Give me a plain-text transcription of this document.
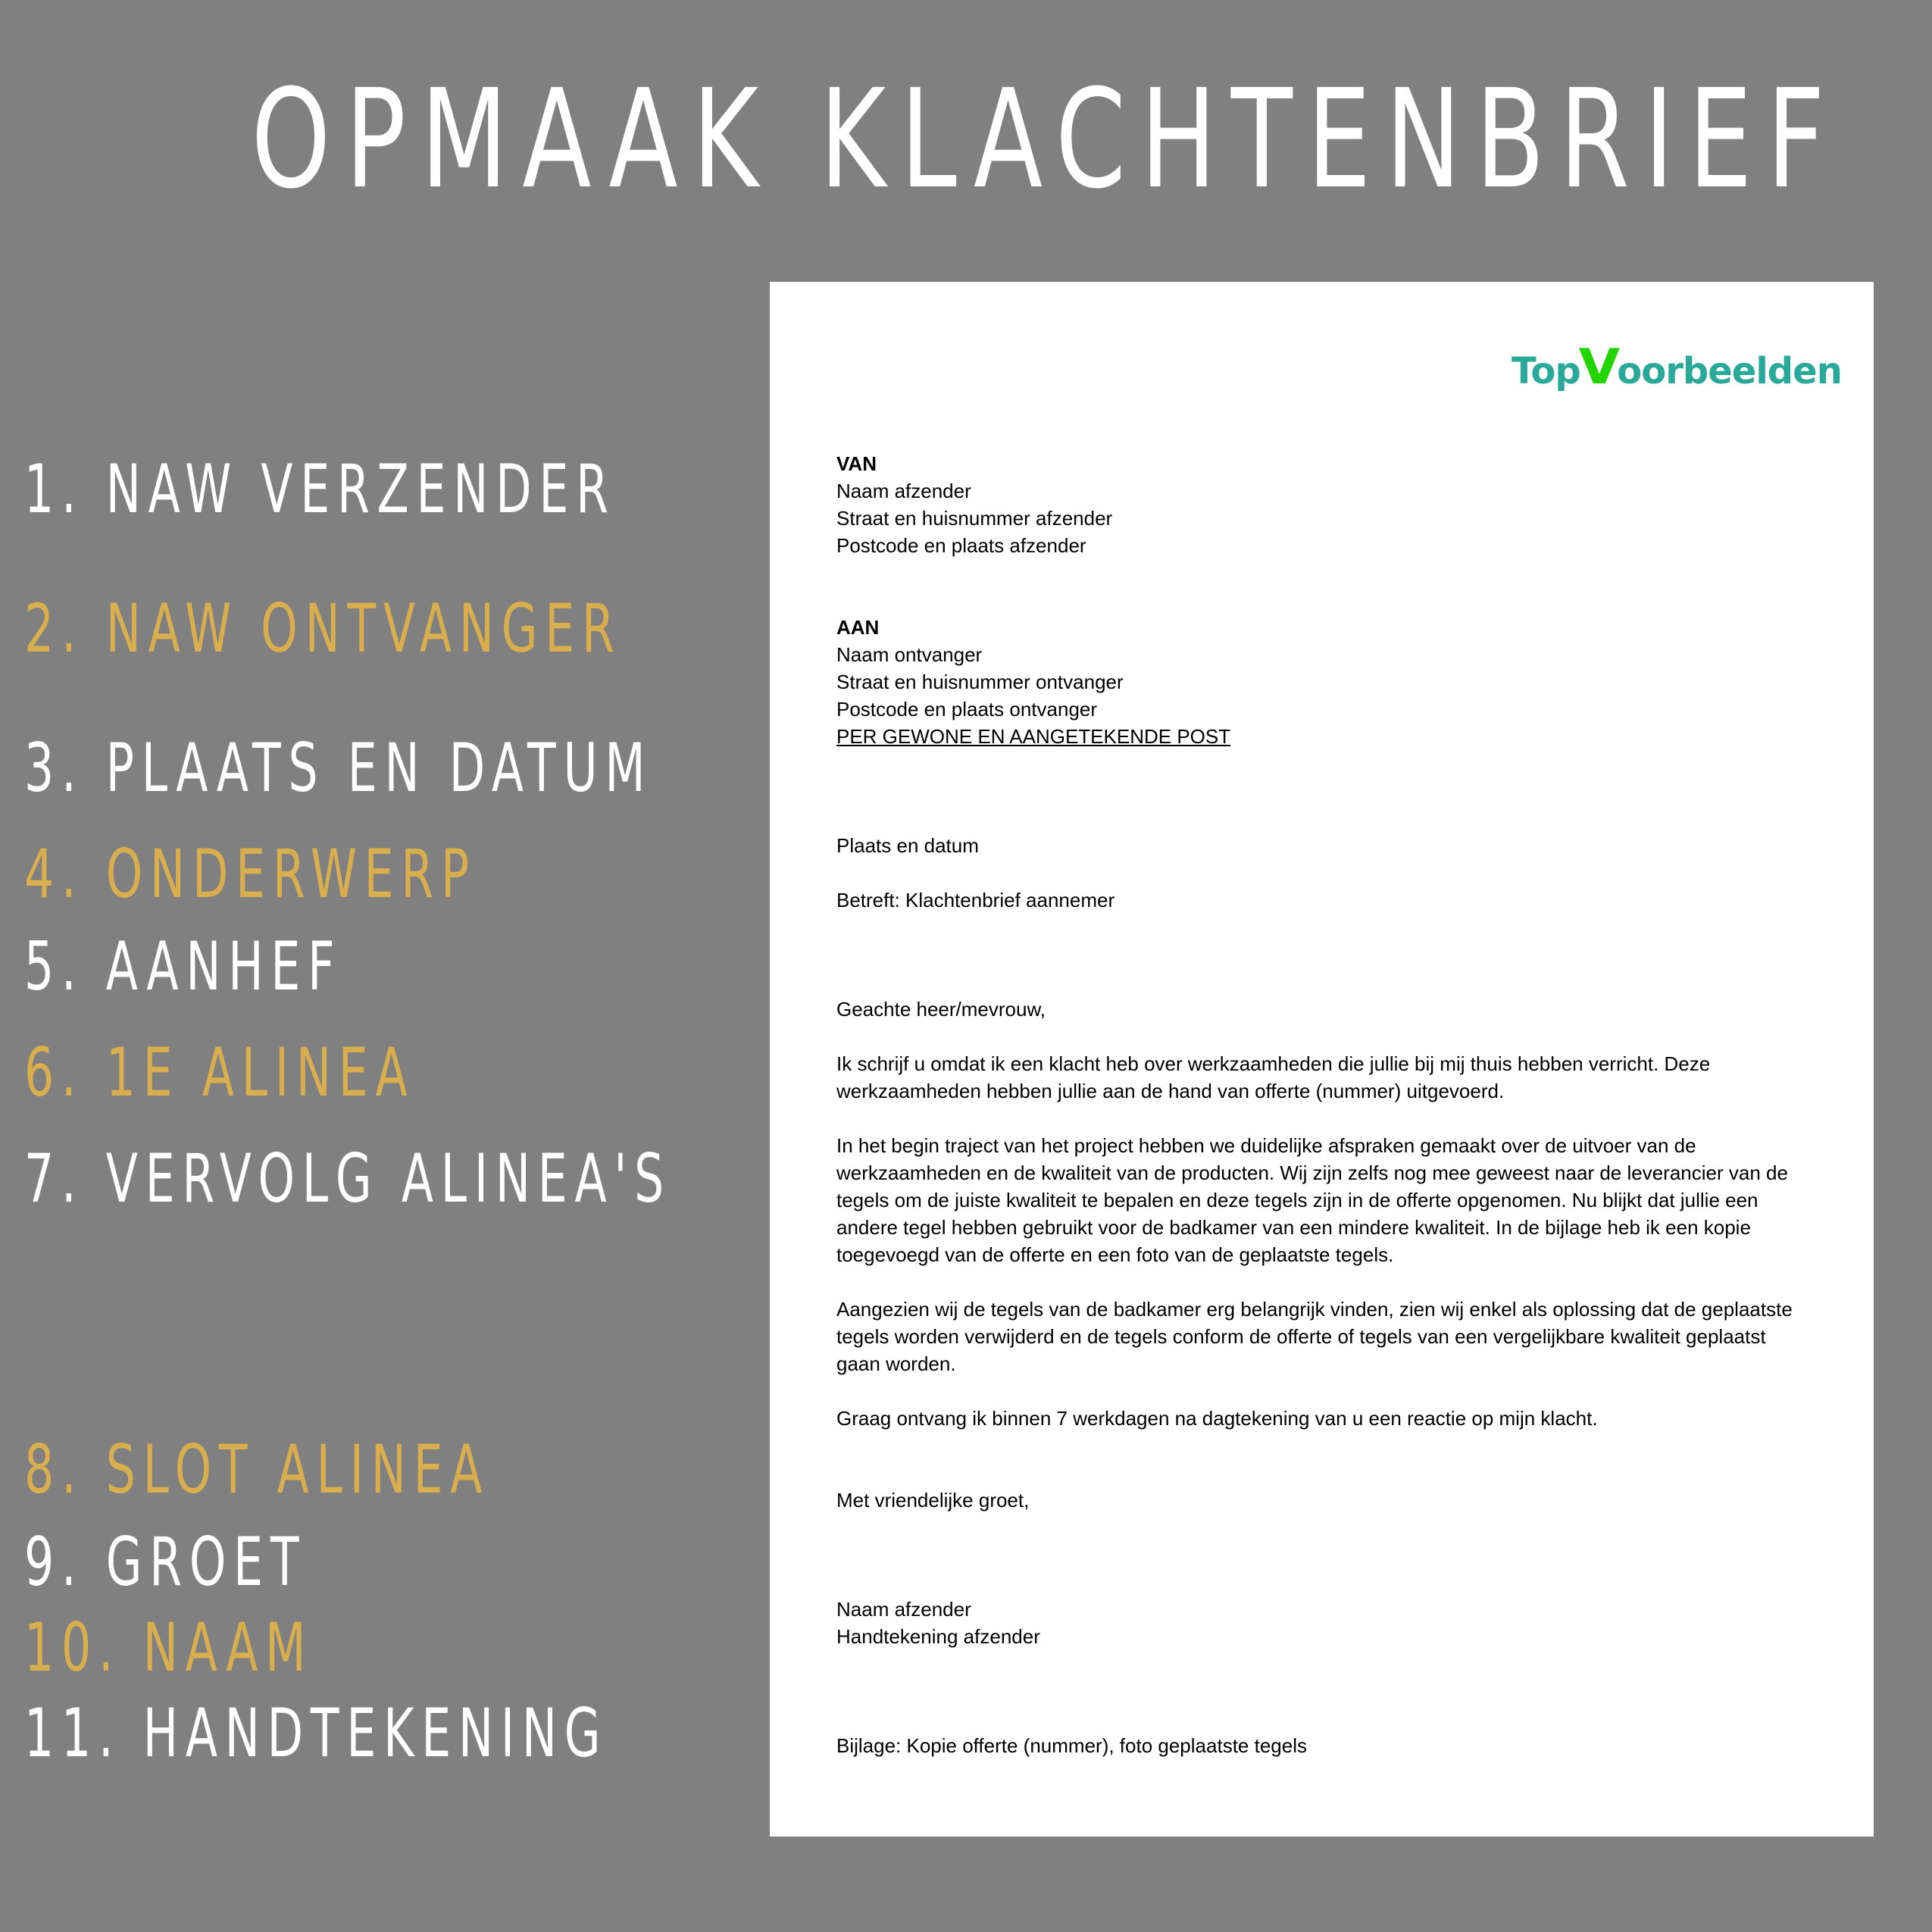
OPMAAK KLACHTENBRIEF
1. NAW VERZENDER
2. NAW ONTVANGER
3. PLAATS EN DATUM
4. ONDERWERP
5. AANHEF
6. 1E ALINEA
7. VERVOLG ALINEA'S
8. SLOT ALINEA
9. GROET
10. NAAM
11. HANDTEKENING
TopVoorbeelden

VAN

Naam afzender

Straat en huisnummer afzender

Postcode en plaats afzender

AAN

Naam ontvanger

Straat en huisnummer ontvanger

Postcode en plaats ontvanger

PER GEWONE EN AANGETEKENDE POST

Plaats en datum

Betreft: Klachtenbrief aannemer

Geachte heer/mevrouw,

Ik schrijf u omdat ik een klacht heb over werkzaamheden die jullie bij mij thuis hebben verricht. Deze werkzaamheden hebben jullie aan de hand van offerte (nummer) uitgevoerd.

In het begin traject van het project hebben we duidelijke afspraken gemaakt over de uitvoer van de werkzaamheden en de kwaliteit van de producten. Wij zijn zelfs nog mee geweest naar de leverancier van de tegels om de juiste kwaliteit te bepalen en deze tegels zijn in de offerte opgenomen. Nu blijkt dat jullie een andere tegel hebben gebruikt voor de badkamer van een mindere kwaliteit. In de bijlage heb ik een kopie toegevoegd van de offerte en een foto van de geplaatste tegels.

Aangezien wij de tegels van de badkamer erg belangrijk vinden, zien wij enkel als oplossing dat de geplaatste tegels worden verwijderd en de tegels conform de offerte of tegels van een vergelijkbare kwaliteit geplaatst gaan worden.

Graag ontvang ik binnen 7 werkdagen na dagtekening van u een reactie op mijn klacht.

Met vriendelijke groet,

Naam afzender

Handtekening afzender

Bijlage: Kopie offerte (nummer), foto geplaatste tegels
